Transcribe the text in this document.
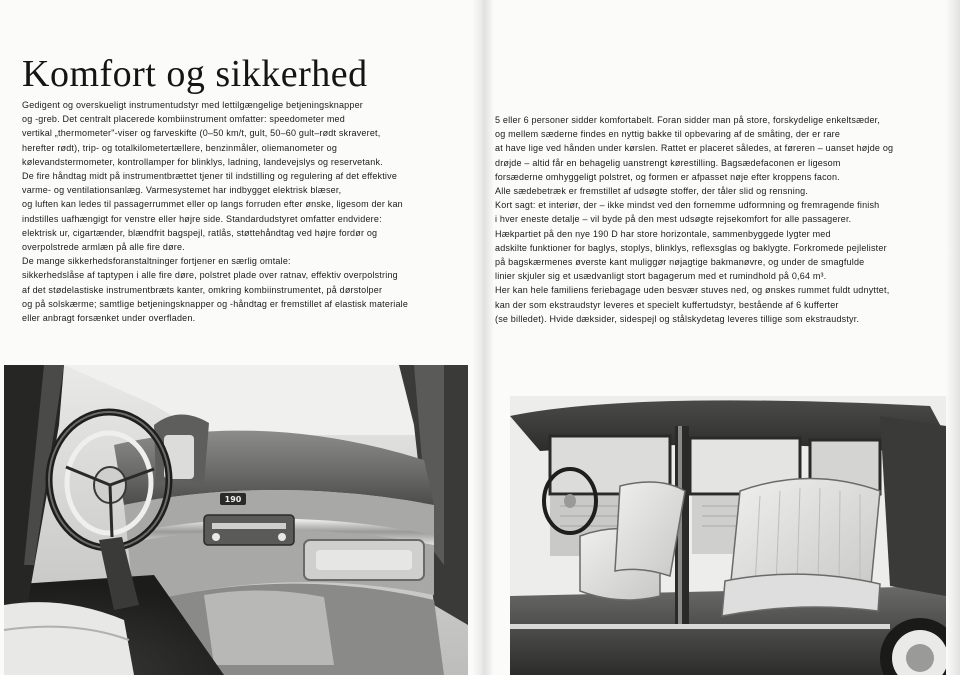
Komfort og sikkerhed

Gedigent og overskueligt instrumentudstyr med lettilgængelige betjeningsknapper

og -greb. Det centralt placerede kombiinstrument omfatter: speedometer med

vertikal „thermometer"-viser og farveskifte (0–50 km/t, gult, 50–60 gult–rødt skraveret,

herefter rødt), trip- og totalkilometertællere, benzinmåler, oliemanometer og

kølevandstermometer, kontrollamper for blinklys, ladning, landevejslys og reservetank.

De fire håndtag midt på instrumentbrættet tjener til indstilling og regulering af det effektive

varme- og ventilationsanlæg. Varmesystemet har indbygget elektrisk blæser,

og luften kan ledes til passagerrummet eller op langs forruden efter ønske, ligesom der kan

indstilles uafhængigt for venstre eller højre side. Standardudstyret omfatter endvidere:

elektrisk ur, cigartænder, blændfrit bagspejl, ratlås, støttehåndtag ved højre fordør og

overpolstrede armlæn på alle fire døre.

De mange sikkerhedsforanstaltninger fortjener en særlig omtale:

sikkerhedslåse af taptypen i alle fire døre, polstret plade over ratnav, effektiv overpolstring

af det stødelastiske instrumentbræts kanter, omkring kombiinstrumentet, på dørstolper

og på solskærme; samtlige betjeningsknapper og -håndtag er fremstillet af elastisk materiale

eller anbragt forsænket under overfladen.

5 eller 6 personer sidder komfortabelt. Foran sidder man på store, forskydelige enkeltsæder,

og mellem sæderne findes en nyttig bakke til opbevaring af de småting, der er rare

at have lige ved hånden under kørslen. Rattet er placeret således, at føreren – uanset højde og

drøjde – altid får en behagelig uanstrengt kørestilling. Bagsædefaconen er ligesom

forsæderne omhyggeligt polstret, og formen er afpasset nøje efter kroppens facon.

Alle sædebetræk er fremstillet af udsøgte stoffer, der tåler slid og rensning.

Kort sagt: et interiør, der – ikke mindst ved den fornemme udformning og fremragende finish

i hver eneste detalje – vil byde på den mest udsøgte rejsekomfort for alle passagerer.

Hækpartiet på den nye 190 D har store horizontale, sammenbyggede lygter med

adskilte funktioner for baglys, stoplys, blinklys, reflexsglas og baklygte. Forkromede pejlelister

på bagskærmenes øverste kant muliggør nøjagtige bakmanøvre, og under de smagfulde

linier skjuler sig et usædvanligt stort bagagerum med et rumindhold på 0,64 m³.

Her kan hele familiens feriebagage uden besvær stuves ned, og ønskes rummet fuldt udnyttet,

kan der som ekstraudstyr leveres et specielt kuffertudstyr, bestående af 6 kufferter

(se billedet). Hvide dæksider, sidespejl og stålskydetag leveres tillige som ekstraudstyr.

190
